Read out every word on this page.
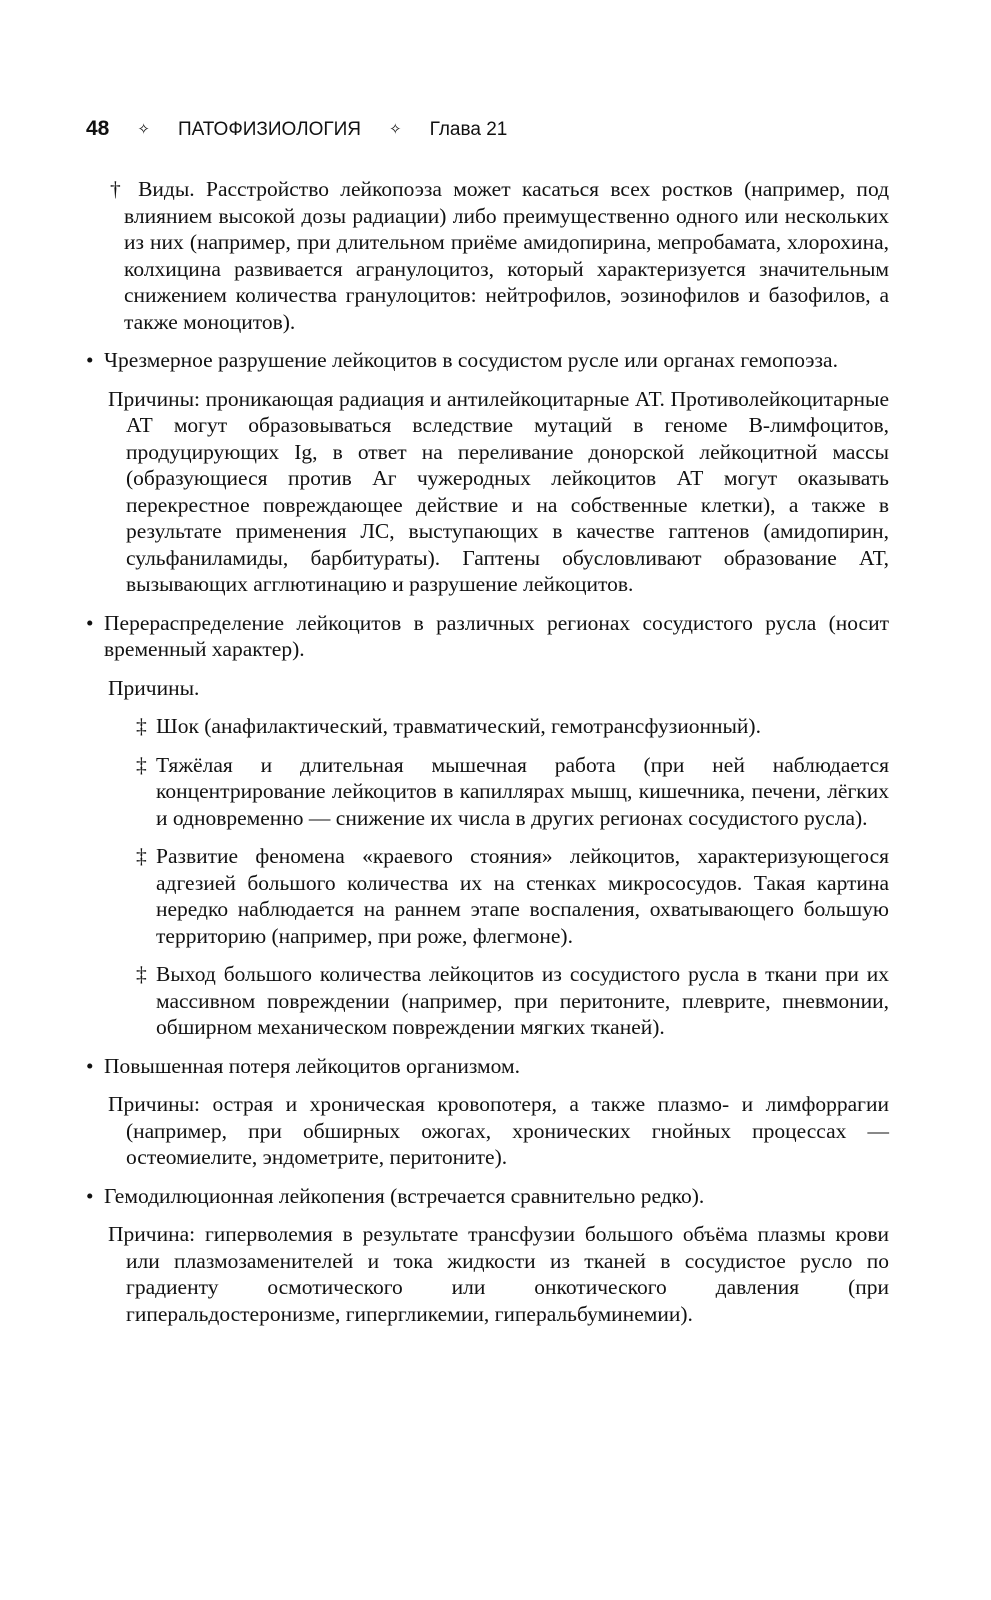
48 ✧ ПАТОФИЗИОЛОГИЯ ✧ Глава 21
† Виды. Расстройство лейкопоэза может касаться всех ростков (например, под влиянием высокой дозы радиации) либо преимущественно одного или нескольких из них (например, при длительном приёме амидопирина, мепробамата, хлорохина, колхицина развивается агранулоцитоз, который характеризуется значительным снижением количества гранулоцитов: нейтрофилов, эозинофилов и базофилов, а также моноцитов).
• Чрезмерное разрушение лейкоцитов в сосудистом русле или органах гемопоэза.
Причины: проникающая радиация и антилейкоцитарные АТ. Противолейкоцитарные АТ могут образовываться вследствие мутаций в геноме В-лимфоцитов, продуцирующих Ig, в ответ на переливание донорской лейкоцитной массы (образующиеся против Аг чужеродных лейкоцитов АТ могут оказывать перекрестное повреждающее действие и на собственные клетки), а также в результате применения ЛС, выступающих в качестве гаптенов (амидопирин, сульфаниламиды, барбитураты). Гаптены обусловливают образование АТ, вызывающих агглютинацию и разрушение лейкоцитов.
• Перераспределение лейкоцитов в различных регионах сосудистого русла (носит временный характер).
Причины.
‡ Шок (анафилактический, травматический, гемотрансфузионный).
‡ Тяжёлая и длительная мышечная работа (при ней наблюдается концентрирование лейкоцитов в капиллярах мышц, кишечника, печени, лёгких и одновременно — снижение их числа в других регионах сосудистого русла).
‡ Развитие феномена «краевого стояния» лейкоцитов, характеризующегося адгезией большого количества их на стенках микрососудов. Такая картина нередко наблюдается на раннем этапе воспаления, охватывающего большую территорию (например, при роже, флегмоне).
‡ Выход большого количества лейкоцитов из сосудистого русла в ткани при их массивном повреждении (например, при перитоните, плеврите, пневмонии, обширном механическом повреждении мягких тканей).
• Повышенная потеря лейкоцитов организмом.
Причины: острая и хроническая кровопотеря, а также плазмо- и лимфоррагии (например, при обширных ожогах, хронических гнойных процессах — остеомиелите, эндометрите, перитоните).
• Гемодилюционная лейкопения (встречается сравнительно редко).
Причина: гиперволемия в результате трансфузии большого объёма плазмы крови или плазмозаменителей и тока жидкости из тканей в сосудистое русло по градиенту осмотического или онкотического давления (при гиперальдостеронизме, гипергликемии, гиперальбуминемии).
